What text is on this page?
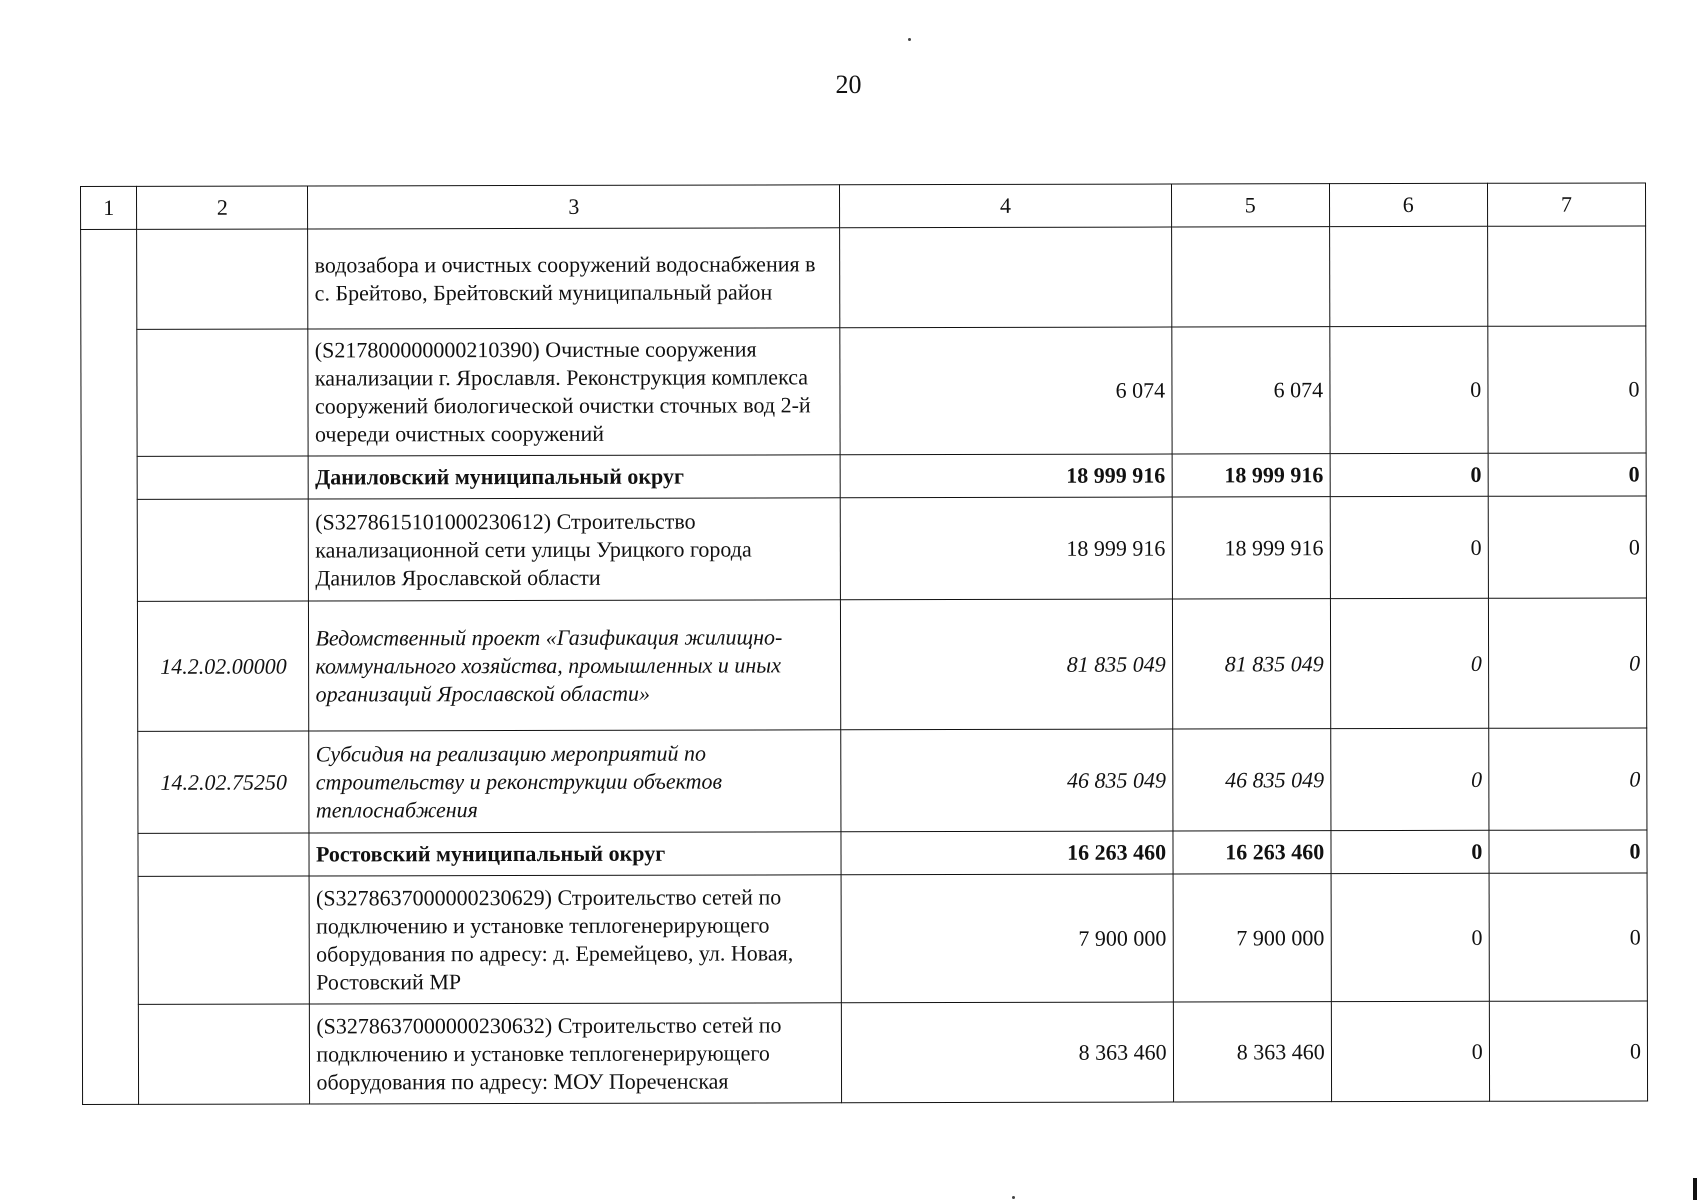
20
1	2	3	4	5	6	7
		водозабора и очистных сооружений водоснабжения в с. Брейтово, Брейтовский муниципальный район				
		(S217800000000210390) Очистные сооружения канализации г. Ярославля. Реконструкция комплекса сооружений биологической очистки сточных вод 2-й очереди очистных сооружений	6 074	6 074	0	0
		Даниловский муниципальный округ	18 999 916	18 999 916	0	0
		(S327861510100023061​2) Строительство канализационной сети улицы Урицкого города Данилов Ярославской области	18 999 916	18 999 916	0	0
	14.2.02.00000	Ведомственный проект «Газификация жилищно-коммунального хозяйства, промышленных и иных организаций Ярославской области»	81 835 049	81 835 049	0	0
	14.2.02.75250	Субсидия на реализацию мероприятий по строительству и реконструкции объектов теплоснабжения	46 835 049	46 835 049	0	0
		Ростовский муниципальный округ	16 263 460	16 263 460	0	0
		(S327863700000023062​9) Строительство сетей по подключению и установке теплогенерирующего оборудования по адресу: д. Еремейцево, ул. Новая, Ростовский МР	7 900 000	7 900 000	0	0
		(S327863700000023063​2) Строительство сетей по подключению и установке теплогенерирующего оборудования по адресу: МОУ Пореченская	8 363 460	8 363 460	0	0
